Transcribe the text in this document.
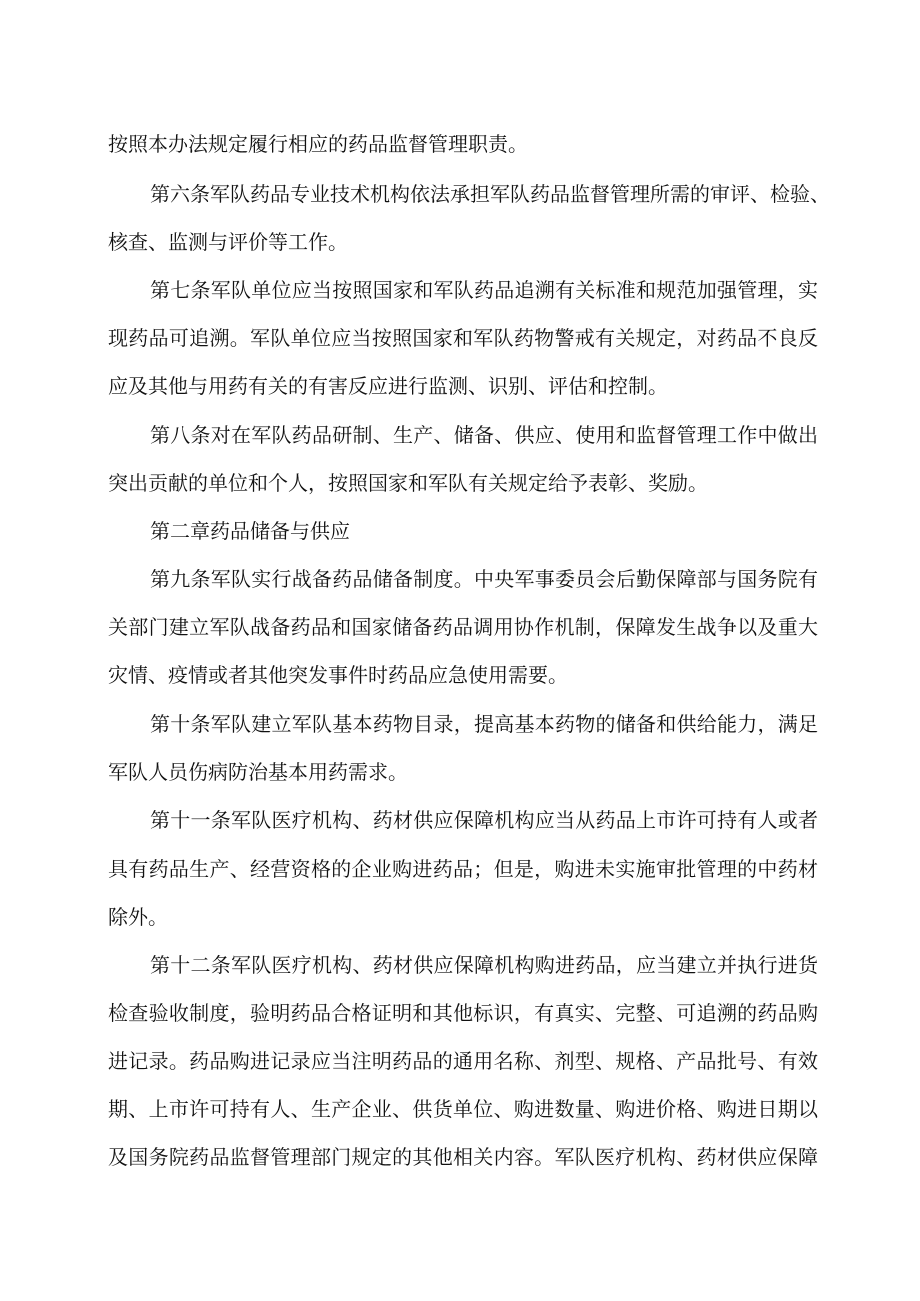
按照本办法规定履行相应的药品监督管理职责。

第六条军队药品专业技术机构依法承担军队药品监督管理所需的审评、检验、

核查、监测与评价等工作。

第七条军队单位应当按照国家和军队药品追溯有关标准和规范加强管理，实

现药品可追溯。军队单位应当按照国家和军队药物警戒有关规定，对药品不良反

应及其他与用药有关的有害反应进行监测、识别、评估和控制。

第八条对在军队药品研制、生产、储备、供应、使用和监督管理工作中做出

突出贡献的单位和个人，按照国家和军队有关规定给予表彰、奖励。

第二章药品储备与供应

第九条军队实行战备药品储备制度。中央军事委员会后勤保障部与国务院有

关部门建立军队战备药品和国家储备药品调用协作机制，保障发生战争以及重大

灾情、疫情或者其他突发事件时药品应急使用需要。

第十条军队建立军队基本药物目录，提高基本药物的储备和供给能力，满足

军队人员伤病防治基本用药需求。

第十一条军队医疗机构、药材供应保障机构应当从药品上市许可持有人或者

具有药品生产、经营资格的企业购进药品；但是，购进未实施审批管理的中药材

除外。

第十二条军队医疗机构、药材供应保障机构购进药品，应当建立并执行进货

检查验收制度，验明药品合格证明和其他标识，有真实、完整、可追溯的药品购

进记录。药品购进记录应当注明药品的通用名称、剂型、规格、产品批号、有效

期、上市许可持有人、生产企业、供货单位、购进数量、购进价格、购进日期以

及国务院药品监督管理部门规定的其他相关内容。军队医疗机构、药材供应保障
